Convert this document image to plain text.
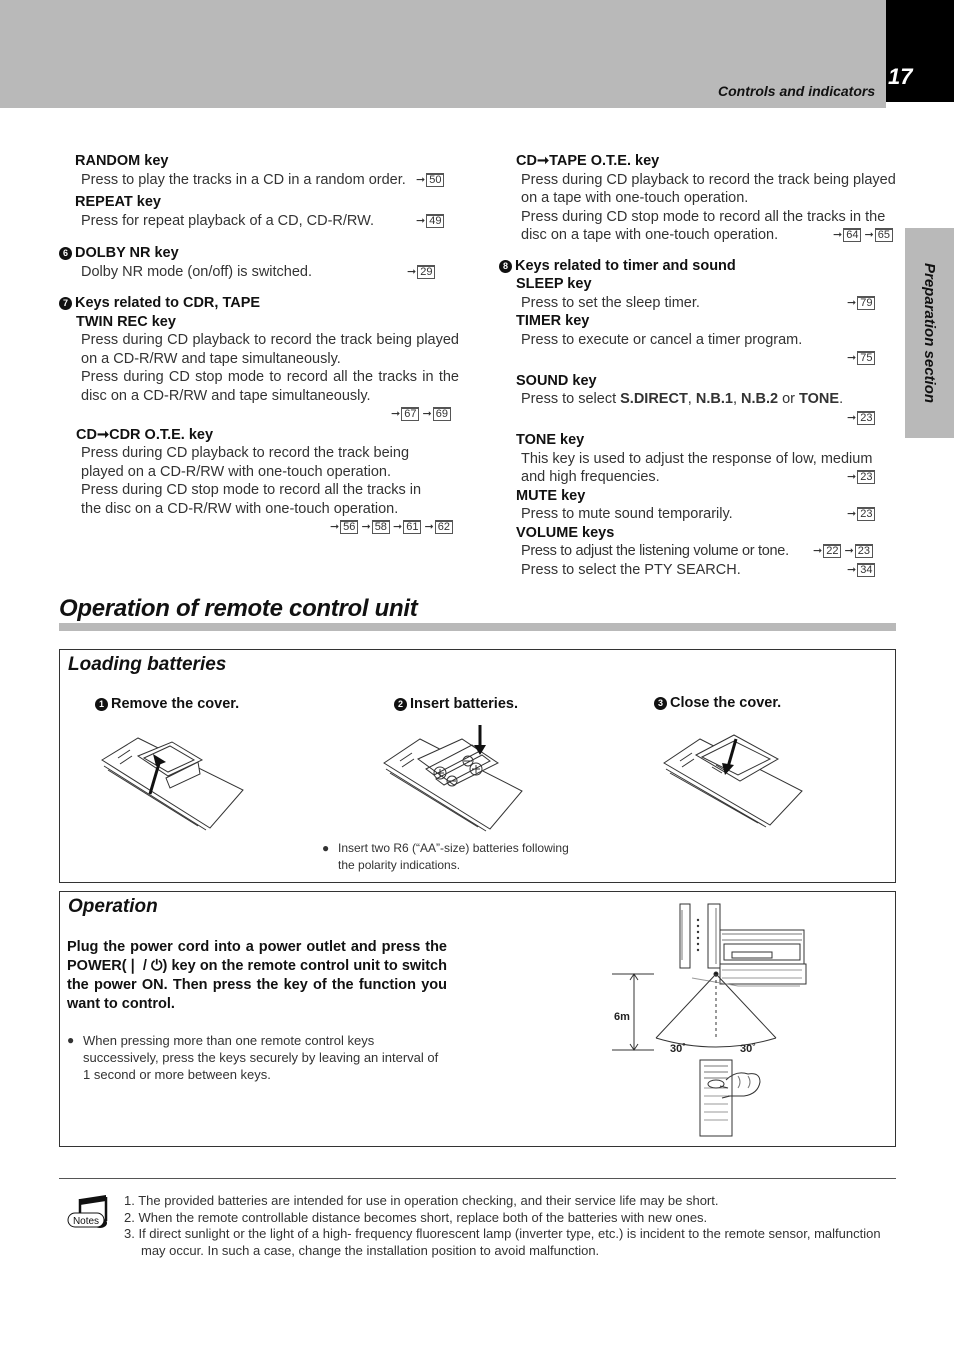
17
Controls and indicators
Preparation section
RANDOM key
Press to play the tracks in a CD in a random order. ➞ 50
REPEAT key
Press for repeat playback of a CD, CD-R/RW.	➞ 49
6 DOLBY NR key
Dolby NR mode (on/off) is switched.	➞ 29
7 Keys related to CDR, TAPE
TWIN REC key
Press during CD playback to record the track being played on a CD-R/RW and tape simultaneously.
Press during CD stop mode to record all the tracks in the disc on a CD-R/RW and tape simultaneously.
➞ 67 ➞ 69
CD➞CDR O.T.E. key
Press during CD playback to record the track being played on a CD-R/RW with one-touch operation.
Press during CD stop mode to record all the tracks in the disc on a CD-R/RW with one-touch operation.
➞ 56 ➞ 58 ➞ 61 ➞ 62
CD➞TAPE O.T.E. key
Press during CD playback to record the track being played on a tape with one-touch operation.
Press during CD stop mode to record all the tracks in the disc on a tape with one-touch operation.	➞ 64 ➞ 65
8 Keys related to timer and sound
SLEEP key
Press to set the sleep timer.	➞ 79
TIMER key
Press to execute or cancel a timer program.
➞ 75
SOUND key
Press to select S.DIRECT, N.B.1, N.B.2 or TONE.
➞ 23
TONE key
This key is used to adjust the response of low, medium and high frequencies.	➞ 23
MUTE key
Press to mute sound temporarily.	➞ 23
VOLUME keys
Press to adjust the listening volume or tone. ➞ 22 ➞ 23
Press to select the PTY SEARCH.	➞ 34
Operation of remote control unit
Loading batteries
1 Remove the cover.	2 Insert batteries.	3 Close the cover.
● Insert two R6 (“AA”-size) batteries following the polarity indications.
Operation
Plug the power cord into a power outlet and press the POWER(❘ / ⏻) key on the remote control unit to switch the power ON. Then press the key of the function you want to control.
● When pressing more than one remote control keys successively, press the keys securely by leaving an interval of 1 second or more between keys.
6m
30˚	30˚
Notes
1. The provided batteries are intended for use in operation checking, and their service life may be short.
2. When the remote controllable distance becomes short, replace both of the batteries with new ones.
3. If direct sunlight or the light of a high- frequency fluorescent lamp (inverter type, etc.) is incident to the remote sensor, malfunction may occur. In such a case, change the installation position to avoid malfunction.
